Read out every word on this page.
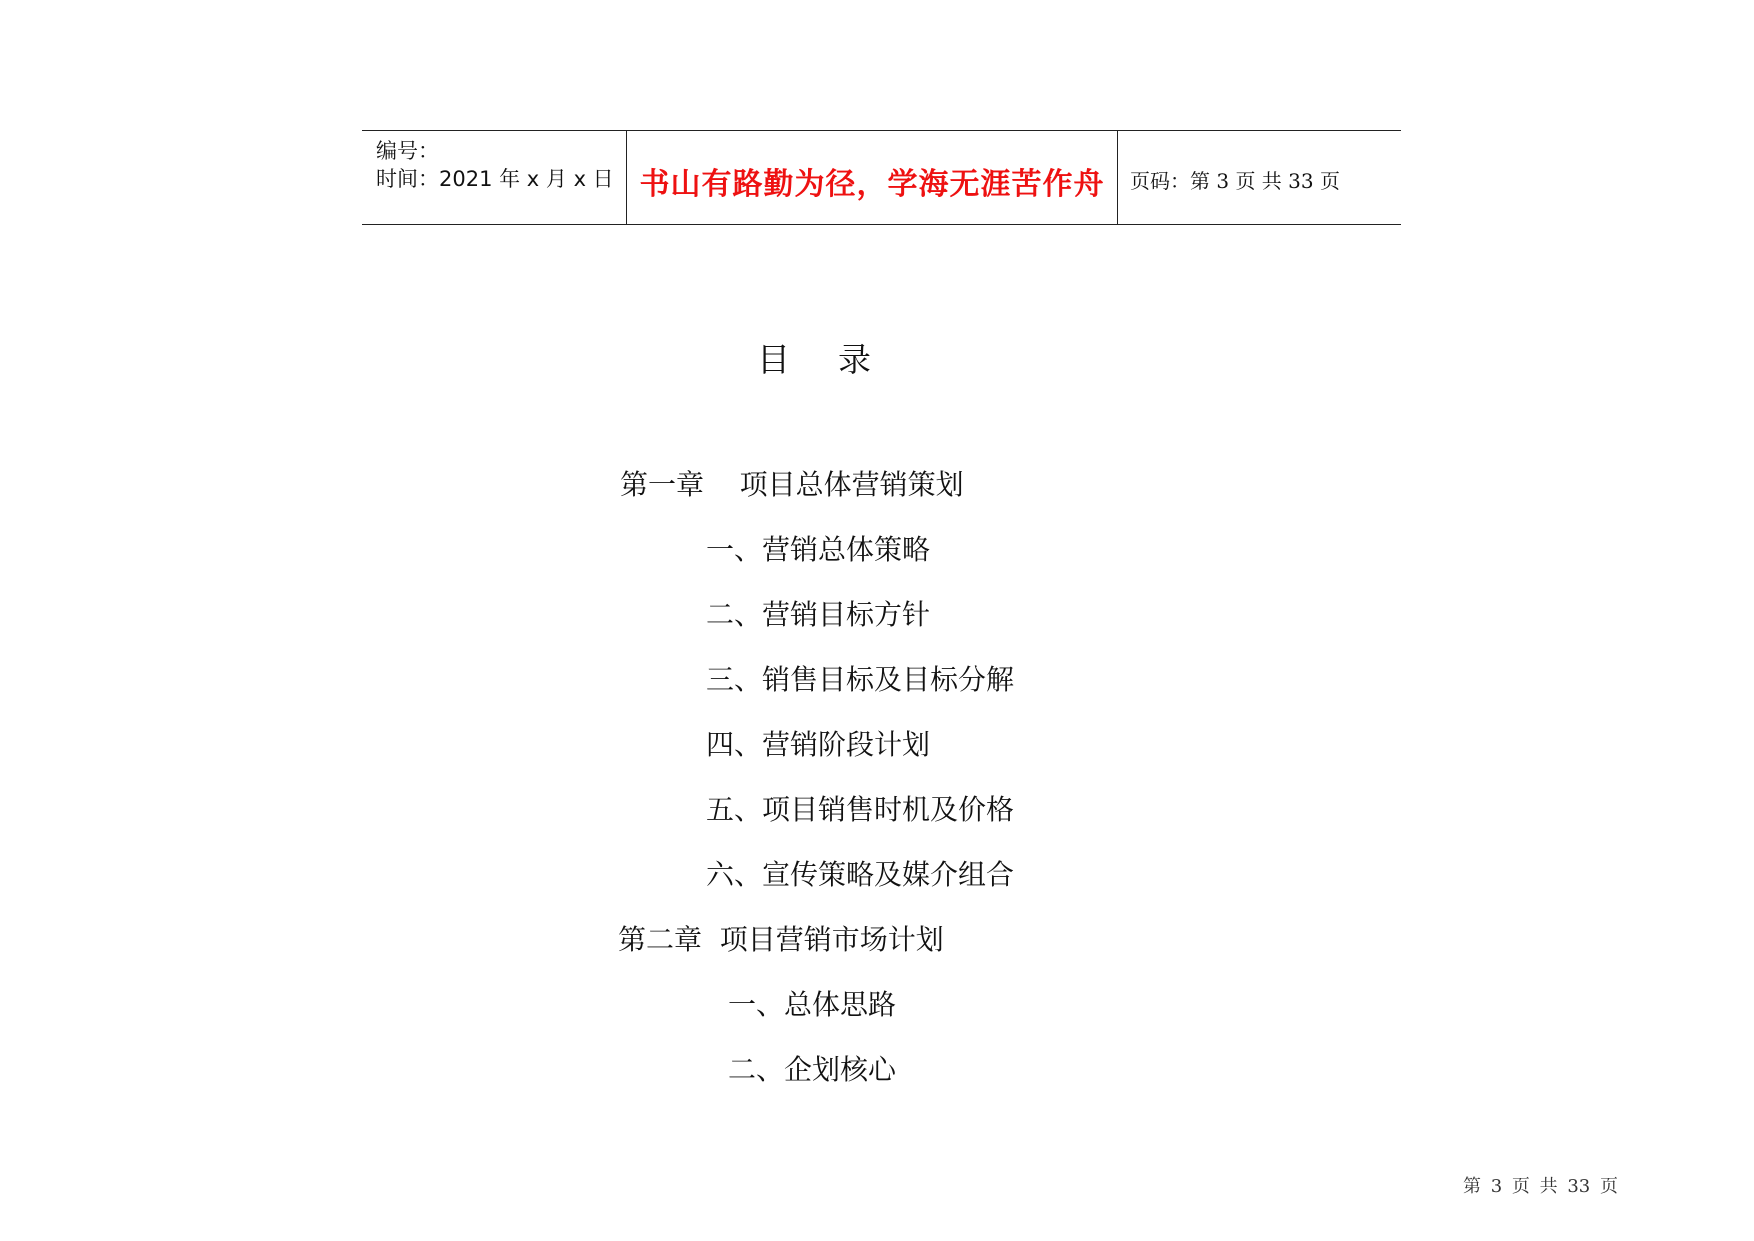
编号：
时间：2021 年 x 月 x 日 书山有路勤为径，学海无涯苦作舟	页码：第 3 页 共 33 页
目录
第一章    项目总体营销策划
一、营销总体策略
二、营销目标方针
三、销售目标及目标分解
四、营销阶段计划
五、项目销售时机及价格
六、宣传策略及媒介组合
第二章  项目营销市场计划
一、总体思路
二、企划核心
第 3 页 共 33 页
